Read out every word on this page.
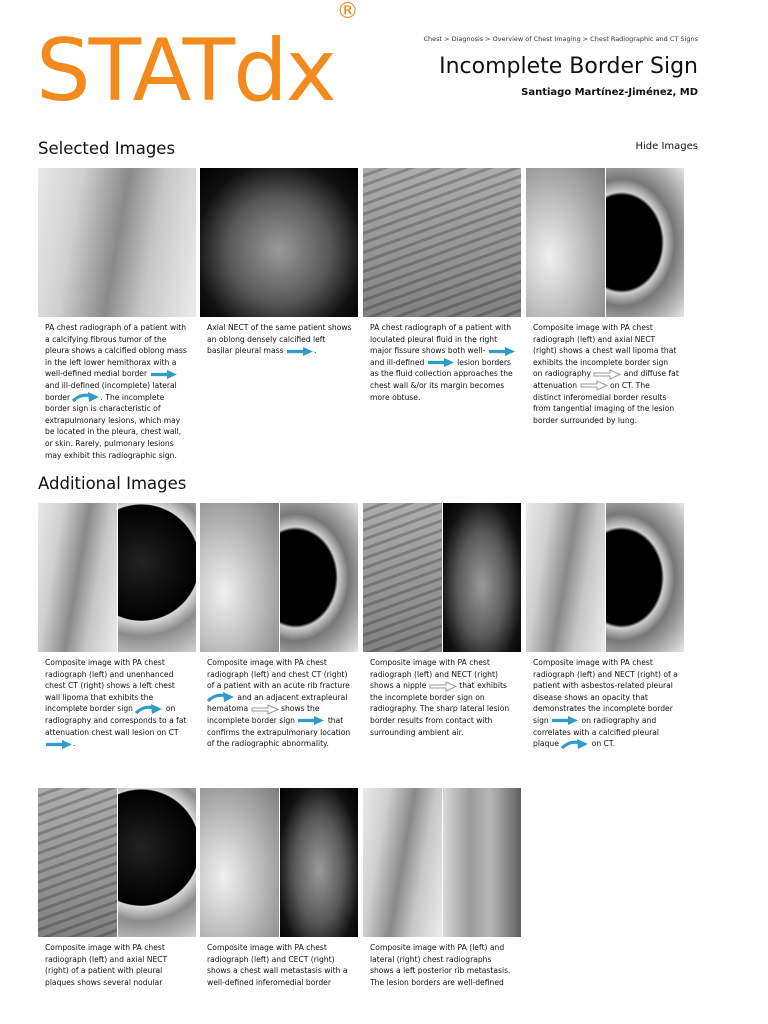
STATdx®
Chest > Diagnosis > Overview of Chest Imaging > Chest Radiographic and CT Signs
Incomplete Border Sign
Santiago Martínez-Jiménez, MD
Selected Images	Hide Images
PA chest radiograph of a patient with a calcifying fibrous tumor of the pleura shows a calcified oblong mass in the left lower hemithorax with a well-defined medial border
and ill-defined (incomplete) lateral border	. The incomplete border sign is characteristic of extrapulmonary lesions, which may be located in the pleura, chest wall, or skin. Rarely, pulmonary lesions may exhibit this radiographic sign.
Axial NECT of the same patient shows an oblong densely calcified left basilar pleural mass	.
PA chest radiograph of a patient with loculated pleural fluid in the right major fissure shows both well-
and ill-defined	lesion borders as the fluid collection approaches the chest wall &/or its margin becomes more obtuse.
Composite image with PA chest radiograph (left) and axial NECT (right) shows a chest wall lipoma that exhibits the incomplete border sign on radiography	and diffuse fat attenuation	on CT. The distinct inferomedial border results from tangential imaging of the lesion border surrounded by lung.
Additional Images
Composite image with PA chest radiograph (left) and unenhanced chest CT (right) shows a left chest wall lipoma that exhibits the incomplete border sign	on radiography and corresponds to a fat attenuation chest wall lesion on CT
.
Composite image with PA chest radiograph (left) and chest CT (right) of a patient with an acute rib fracture
and an adjacent extrapleural hematoma	shows the incomplete border sign	that confirms the extrapulmonary location of the radiographic abnormality.
Composite image with PA chest radiograph (left) and NECT (right) shows a nipple	that exhibits the incomplete border sign on radiography. The sharp lateral lesion border results from contact with surrounding ambient air.
Composite image with PA chest radiograph (left) and NECT (right) of a patient with asbestos-related pleural disease shows an opacity that demonstrates the incomplete border sign	on radiography and correlates with a calcified pleural plaque	on CT.
Composite image with PA chest radiograph (left) and axial NECT (right) of a patient with pleural plaques shows several nodular
Composite image with PA chest radiograph (left) and CECT (right) shows a chest wall metastasis with a well-defined inferomedial border
Composite image with PA (left) and lateral (right) chest radiographs shows a left posterior rib metastasis. The lesion borders are well-defined
